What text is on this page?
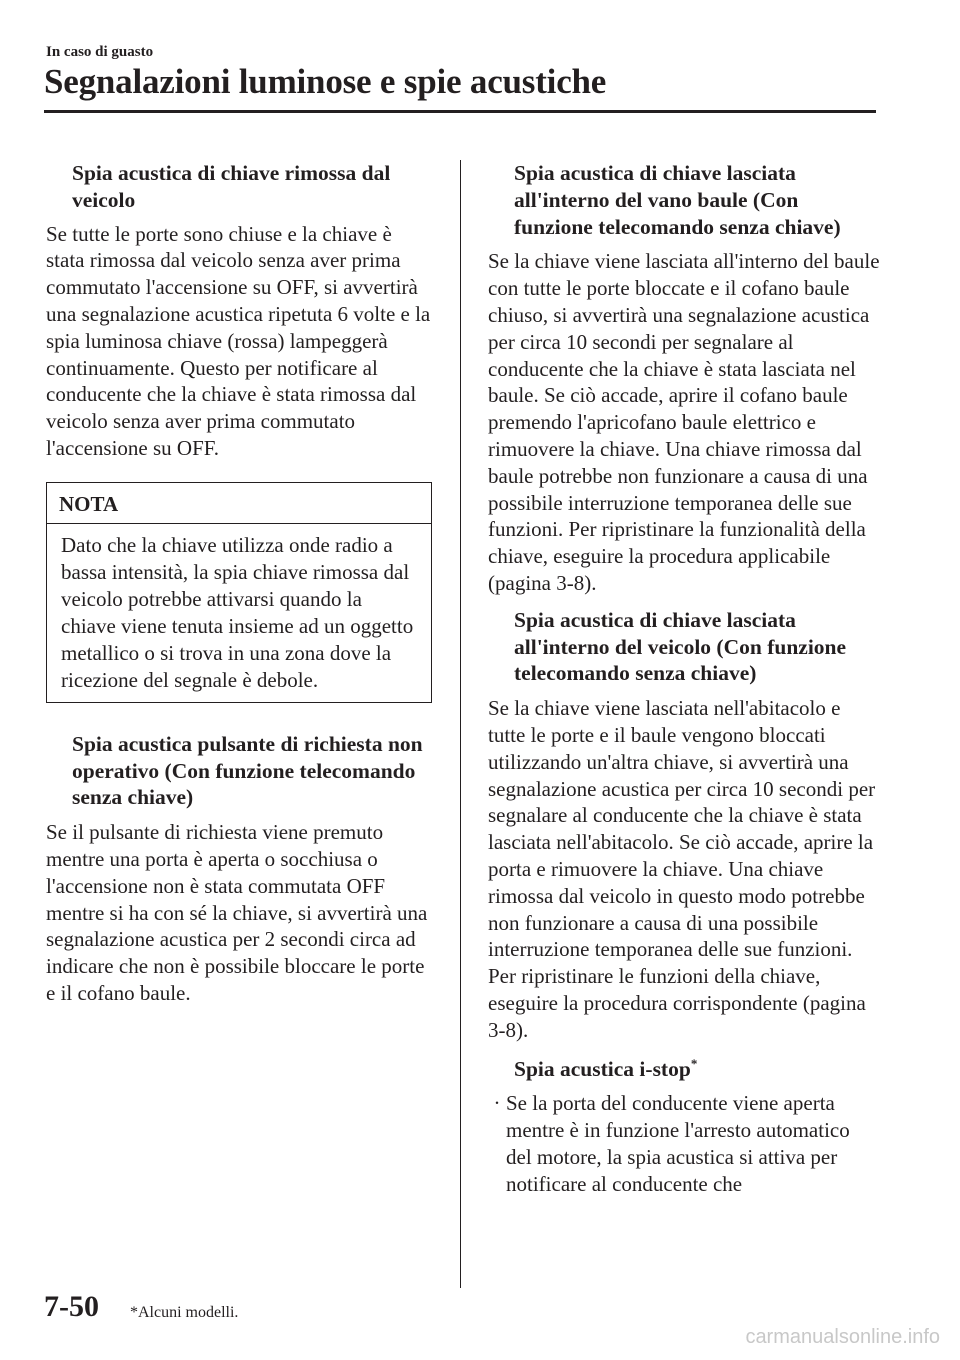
In caso di guasto
Segnalazioni luminose e spie acustiche

Spia acustica di chiave rimossa dal veicolo

Se tutte le porte sono chiuse e la chiave è stata rimossa dal veicolo senza aver prima commutato l'accensione su OFF, si avvertirà una segnalazione acustica ripetuta 6 volte e la spia luminosa chiave (rossa) lampeggerà continuamente. Questo per notificare al conducente che la chiave è stata rimossa dal veicolo senza aver prima commutato l'accensione su OFF.

NOTA
Dato che la chiave utilizza onde radio a bassa intensità, la spia chiave rimossa dal veicolo potrebbe attivarsi quando la chiave viene tenuta insieme ad un oggetto metallico o si trova in una zona dove la ricezione del segnale è debole.

Spia acustica pulsante di richiesta non operativo (Con funzione telecomando senza chiave)

Se il pulsante di richiesta viene premuto mentre una porta è aperta o socchiusa o l'accensione non è stata commutata OFF mentre si ha con sé la chiave, si avvertirà una segnalazione acustica per 2 secondi circa ad indicare che non è possibile bloccare le porte e il cofano baule.

Spia acustica di chiave lasciata all'interno del vano baule (Con funzione telecomando senza chiave)

Se la chiave viene lasciata all'interno del baule con tutte le porte bloccate e il cofano baule chiuso, si avvertirà una segnalazione acustica per circa 10 secondi per segnalare al conducente che la chiave è stata lasciata nel baule. Se ciò accade, aprire il cofano baule premendo l'apricofano baule elettrico e rimuovere la chiave. Una chiave rimossa dal baule potrebbe non funzionare a causa di una possibile interruzione temporanea delle sue funzioni. Per ripristinare la funzionalità della chiave, eseguire la procedura applicabile (pagina 3-8).

Spia acustica di chiave lasciata all'interno del veicolo (Con funzione telecomando senza chiave)

Se la chiave viene lasciata nell'abitacolo e tutte le porte e il baule vengono bloccati utilizzando un'altra chiave, si avvertirà una segnalazione acustica per circa 10 secondi per segnalare al conducente che la chiave è stata lasciata nell'abitacolo. Se ciò accade, aprire la porta e rimuovere la chiave. Una chiave rimossa dal veicolo in questo modo potrebbe non funzionare a causa di una possibile interruzione temporanea delle sue funzioni. Per ripristinare le funzioni della chiave, eseguire la procedura corrispondente (pagina 3-8).

Spia acustica i-stop*

· Se la porta del conducente viene aperta mentre è in funzione l'arresto automatico del motore, la spia acustica si attiva per notificare al conducente che
7-50 *Alcuni modelli.
carmanualsonline.info
